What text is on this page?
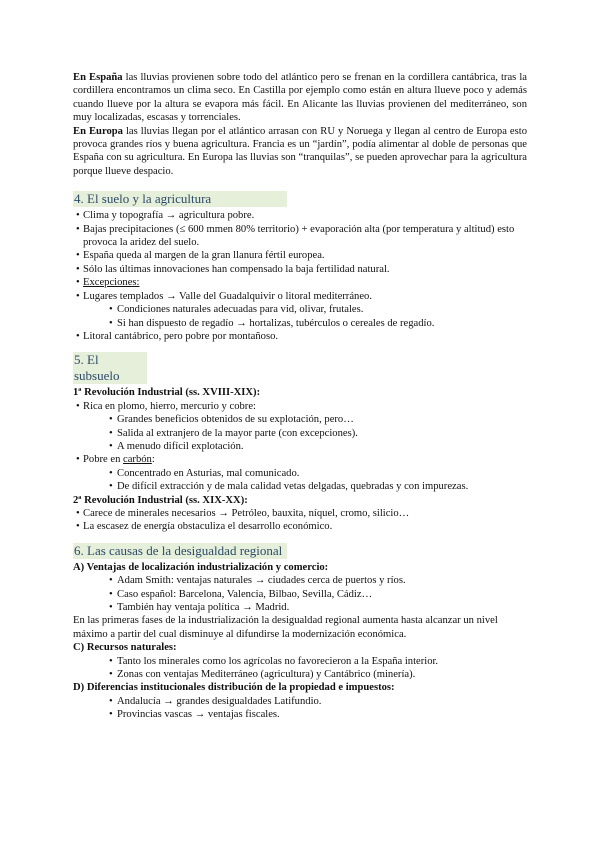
En España las lluvias provienen sobre todo del atlántico pero se frenan en la cordillera cantábrica, tras la cordillera encontramos un clima seco. En Castilla por ejemplo como están en altura llueve poco y además cuando llueve por la altura se evapora más fácil. En Alicante las lluvias provienen del mediterráneo, son muy localizadas, escasas y torrenciales.

En Europa las lluvias llegan por el atlántico arrasan con RU y Noruega y llegan al centro de Europa esto provoca grandes ríos y buena agricultura. Francia es un “jardín”, podía alimentar al doble de personas que España con su agricultura. En Europa las lluvias son “tranquilas”, se pueden aprovechar para la agricultura porque llueve despacio.

4. El suelo y la agricultura
• Clima y topografía → agricultura pobre.
• Bajas precipitaciones (≤ 600 mmen 80% territorio) + evaporación alta (por temperatura y altitud) esto provoca la aridez del suelo.
• España queda al margen de la gran llanura fértil europea.
• Sólo las últimas innovaciones han compensado la baja fertilidad natural.
• Excepciones:
• Lugares templados → Valle del Guadalquivir o litoral mediterráneo.
• Condiciones naturales adecuadas para vid, olivar, frutales.
• Si han dispuesto de regadío → hortalizas, tubérculos o cereales de regadío.
• Litoral cantábrico, pero pobre por montañoso.
5. El subsuelo
1ª Revolución Industrial (ss. XVIII-XIX):
• Rica en plomo, hierro, mercurio y cobre:
• Grandes beneficios obtenidos de su explotación, pero…
• Salida al extranjero de la mayor parte (con excepciones).
• A menudo difícil explotación.
• Pobre en carbón:
• Concentrado en Asturias, mal comunicado.
• De difícil extracción y de mala calidad vetas delgadas, quebradas y con impurezas.
2ª Revolución Industrial (ss. XIX-XX):
• Carece de minerales necesarios → Petróleo, bauxita, níquel, cromo, silicio…
• La escasez de energía obstaculiza el desarrollo económico.
6. Las causas de la desigualdad regional
A) Ventajas de localización industrialización y comercio:
• Adam Smith: ventajas naturales → ciudades cerca de puertos y ríos.
• Caso español: Barcelona, Valencia, Bilbao, Sevilla, Cádiz…
• También hay ventaja política → Madrid.

En las primeras fases de la industrialización la desigualdad regional aumenta hasta alcanzar un nivel máximo a partir del cual disminuye al difundirse la modernización económica.

C) Recursos naturales:
• Tanto los minerales como los agrícolas no favorecieron a la España interior.
• Zonas con ventajas Mediterráneo (agricultura) y Cantábrico (minería).
D) Diferencias institucionales distribución de la propiedad e impuestos:
• Andalucía → grandes desigualdades Latifundio.
• Provincias vascas → ventajas fiscales.
